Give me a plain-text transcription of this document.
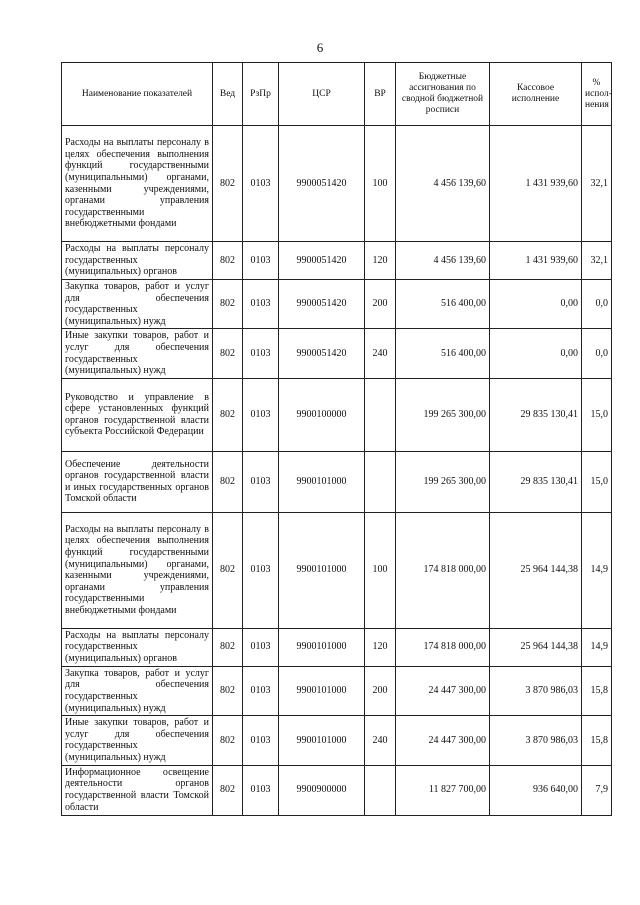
6
Наименование показателей	Вед	РзПр	ЦСР	ВР	Бюджетные ассигнования по сводной бюджетной росписи	Кассовое исполнение	% испол-нения
Расходы на выплаты персоналу в целях обеспечения выполнения функций государственными (муниципальными) органами, казенными учреждениями, органами управления государственными внебюджетными фондами	802	0103	9900051420	100	4 456 139,60	1 431 939,60	32,1
Расходы на выплаты персоналу государственных (муниципальных) органов	802	0103	9900051420	120	4 456 139,60	1 431 939,60	32,1
Закупка товаров, работ и услуг для обеспечения государственных (муниципальных) нужд	802	0103	9900051420	200	516 400,00	0,00	0,0
Иные закупки товаров, работ и услуг для обеспечения государственных (муниципальных) нужд	802	0103	9900051420	240	516 400,00	0,00	0,0
Руководство и управление в сфере установленных функций органов государственной власти субъекта Российской Федерации	802	0103	9900100000		199 265 300,00	29 835 130,41	15,0
Обеспечение деятельности органов государственной власти и иных государственных органов Томской области	802	0103	9900101000		199 265 300,00	29 835 130,41	15,0
Расходы на выплаты персоналу в целях обеспечения выполнения функций государственными (муниципальными) органами, казенными учреждениями, органами управления государственными внебюджетными фондами	802	0103	9900101000	100	174 818 000,00	25 964 144,38	14,9
Расходы на выплаты персоналу государственных (муниципальных) органов	802	0103	9900101000	120	174 818 000,00	25 964 144,38	14,9
Закупка товаров, работ и услуг для обеспечения государственных (муниципальных) нужд	802	0103	9900101000	200	24 447 300,00	3 870 986,03	15,8
Иные закупки товаров, работ и услуг для обеспечения государственных (муниципальных) нужд	802	0103	9900101000	240	24 447 300,00	3 870 986,03	15,8
Информационное освещение деятельности органов государственной власти Томской области	802	0103	9900900000		11 827 700,00	936 640,00	7,9
